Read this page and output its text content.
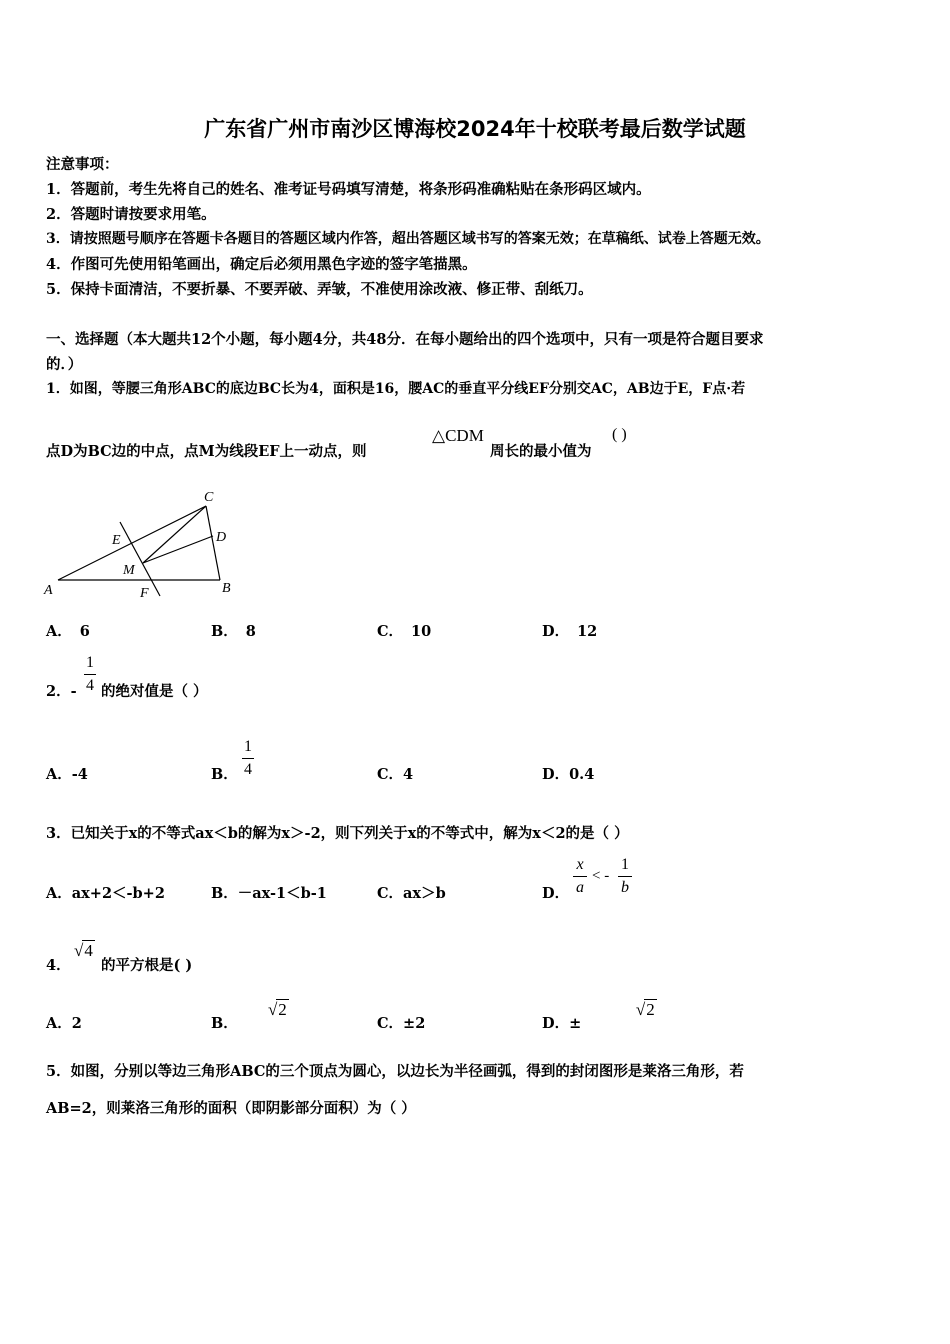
广东省广州市南沙区博海校2024年十校联考最后数学试题
注意事项：
1．答题前，考生先将自己的姓名、准考证号码填写清楚，将条形码准确粘贴在条形码区域内。
2．答题时请按要求用笔。
3．请按照题号顺序在答题卡各题目的答题区域内作答，超出答题区域书写的答案无效；在草稿纸、试卷上答题无效。
4．作图可先使用铅笔画出，确定后必须用黑色字迹的签字笔描黑。
5．保持卡面清洁，不要折暴、不要弄破、弄皱，不准使用涂改液、修正带、刮纸刀。
一、选择题（本大题共12个小题，每小题4分，共48分．在每小题给出的四个选项中，只有一项是符合题目要求
的．）
1．如图，等腰三角形ABC的底边BC长为4，面积是16，腰AC的垂直平分线EF分别交AC，AB边于E，F点·若
点D为BC边的中点，点M为线段EF上一动点，则
△CDM
周长的最小值为
( )
A	B
C
D
E
F
M
A． 6	B． 8	C． 10	D． 12
2．-
1
4 的绝对值是（ ）
A．-4	B．
1
4	C．4	D．0.4
3．已知关于x的不等式ax＜b的解为x＞-2，则下列关于x的不等式中，解为x＜2的是（ ）
A．ax+2＜-b+2	B．－ax-1＜b-1	C．ax＞b	D．
x
a
< -
1
b
4．
√4
的平方根是( )
A．2	B．
√2
C．±2	D．±
√2
5．如图，分别以等边三角形ABC的三个顶点为圆心，以边长为半径画弧，得到的封闭图形是莱洛三角形，若
AB=2，则莱洛三角形的面积（即阴影部分面积）为（ ）
